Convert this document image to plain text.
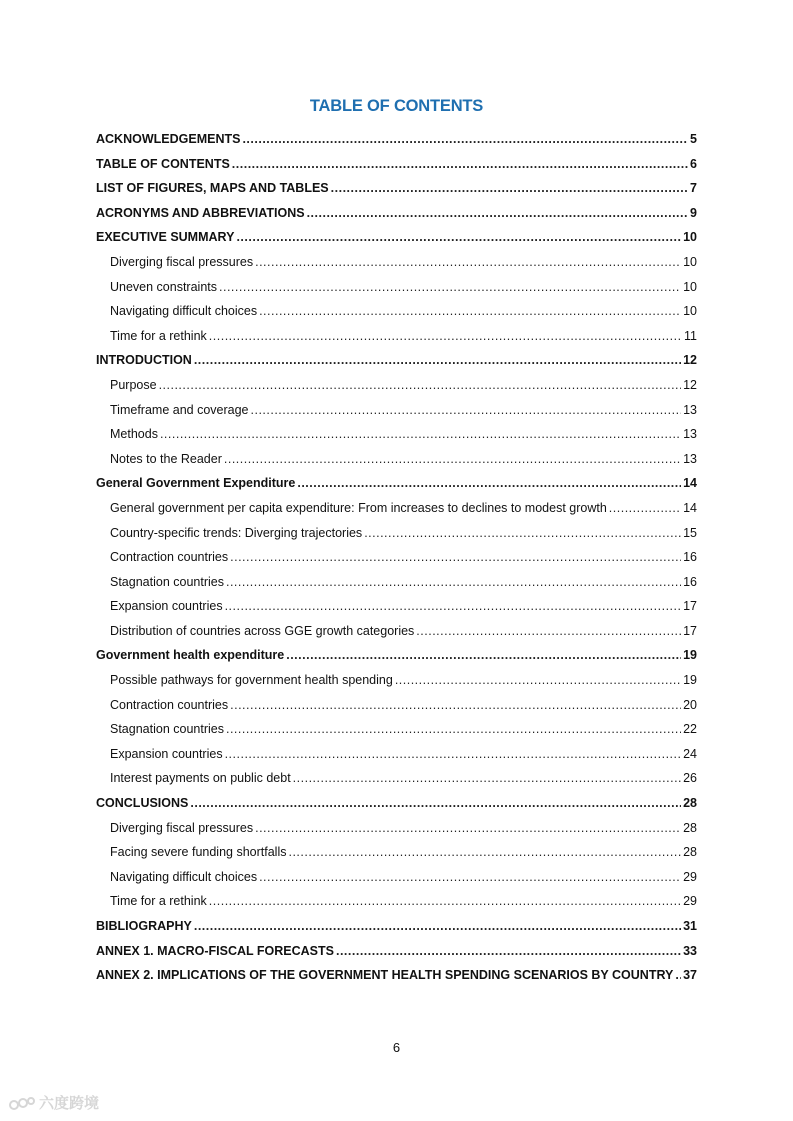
TABLE OF CONTENTS
ACKNOWLEDGEMENTS .....	5
TABLE OF CONTENTS .....	6
LIST OF FIGURES, MAPS AND TABLES .....	7
ACRONYMS AND ABBREVIATIONS .....	9
EXECUTIVE SUMMARY .....	10
Diverging fiscal pressures .....	10
Uneven constraints .....	10
Navigating difficult choices .....	10
Time for a rethink .....	11
INTRODUCTION .....	12
Purpose .....	12
Timeframe and coverage .....	13
Methods .....	13
Notes to the Reader .....	13
General Government Expenditure .....	14
General government per capita expenditure: From increases to declines to modest growth .....	14
Country-specific trends: Diverging trajectories .....	15
Contraction countries .....	16
Stagnation countries .....	16
Expansion countries .....	17
Distribution of countries across GGE growth categories .....	17
Government health expenditure .....	19
Possible pathways for government health spending .....	19
Contraction countries .....	20
Stagnation countries .....	22
Expansion countries .....	24
Interest payments on public debt .....	26
CONCLUSIONS .....	28
Diverging fiscal pressures .....	28
Facing severe funding shortfalls .....	28
Navigating difficult choices .....	29
Time for a rethink .....	29
BIBLIOGRAPHY .....	31
ANNEX 1. MACRO-FISCAL FORECASTS .....	33
ANNEX 2. IMPLICATIONS OF THE GOVERNMENT HEALTH SPENDING SCENARIOS BY COUNTRY ..... 37
6
六度跨境
